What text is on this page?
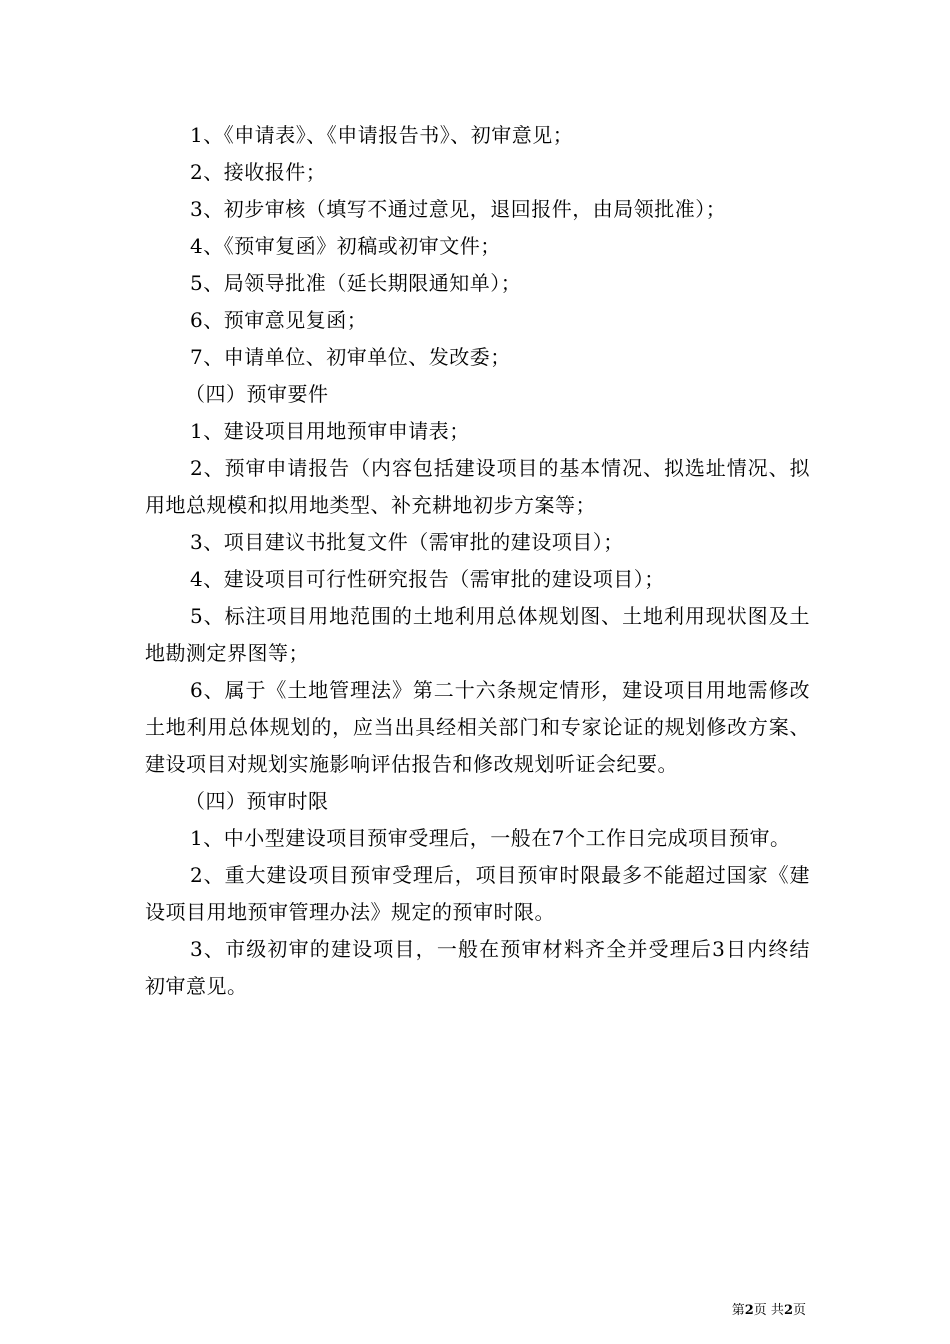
1、《申请表》、《申请报告书》、初审意见；

2、接收报件；

3、初步审核（填写不通过意见，退回报件，由局领批准）；

4、《预审复函》初稿或初审文件；

5、局领导批准（延长期限通知单）；

6、预审意见复函；

7、申请单位、初审单位、发改委；

（四）预审要件

1、建设项目用地预审申请表；

2、预审申请报告（内容包括建设项目的基本情况、拟选址情况、拟用地总规模和拟用地类型、补充耕地初步方案等；

3、项目建议书批复文件（需审批的建设项目）；

4、建设项目可行性研究报告（需审批的建设项目）；

5、标注项目用地范围的土地利用总体规划图、土地利用现状图及土地勘测定界图等；

6、属于《土地管理法》第二十六条规定情形，建设项目用地需修改土地利用总体规划的，应当出具经相关部门和专家论证的规划修改方案、建设项目对规划实施影响评估报告和修改规划听证会纪要。

（四）预审时限

1、中小型建设项目预审受理后，一般在7个工作日完成项目预审。

2、重大建设项目预审受理后，项目预审时限最多不能超过国家《建设项目用地预审管理办法》规定的预审时限。

3、市级初审的建设项目，一般在预审材料齐全并受理后3日内终结初审意见。

第2页 共2页
